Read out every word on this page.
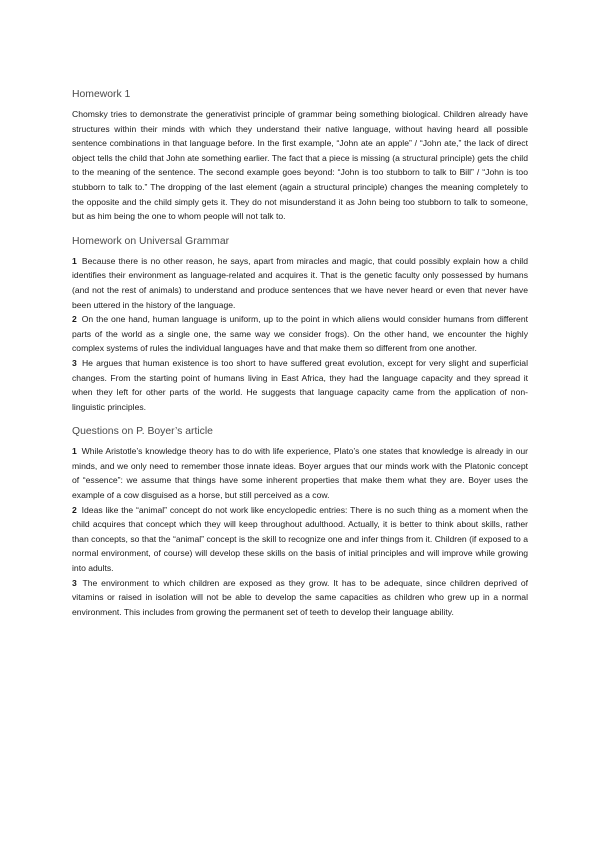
Homework 1

Chomsky tries to demonstrate the generativist principle of grammar being something biological. Children already have structures within their minds with which they understand their native language, without having heard all possible sentence combinations in that language before. In the first example, “John ate an apple” / “John ate,” the lack of direct object tells the child that John ate something earlier. The fact that a piece is missing (a structural principle) gets the child to the meaning of the sentence. The second example goes beyond: “John is too stubborn to talk to Bill” / “John is too stubborn to talk to.” The dropping of the last element (again a structural principle) changes the meaning completely to the opposite and the child simply gets it. They do not misunderstand it as John being too stubborn to talk to someone, but as him being the one to whom people will not talk to.

Homework on Universal Grammar

1 Because there is no other reason, he says, apart from miracles and magic, that could possibly explain how a child identifies their environment as language-related and acquires it. That is the genetic faculty only possessed by humans (and not the rest of animals) to understand and produce sentences that we have never heard or even that never have been uttered in the history of the language.

2 On the one hand, human language is uniform, up to the point in which aliens would consider humans from different parts of the world as a single one, the same way we consider frogs). On the other hand, we encounter the highly complex systems of rules the individual languages have and that make them so different from one another.

3 He argues that human existence is too short to have suffered great evolution, except for very slight and superficial changes. From the starting point of humans living in East Africa, they had the language capacity and they spread it when they left for other parts of the world. He suggests that language capacity came from the application of non-linguistic principles.

Questions on P. Boyer’s article

1 While Aristotle’s knowledge theory has to do with life experience, Plato’s one states that knowledge is already in our minds, and we only need to remember those innate ideas. Boyer argues that our minds work with the Platonic concept of “essence”: we assume that things have some inherent properties that make them what they are. Boyer uses the example of a cow disguised as a horse, but still perceived as a cow.

2 Ideas like the “animal” concept do not work like encyclopedic entries: There is no such thing as a moment when the child acquires that concept which they will keep throughout adulthood. Actually, it is better to think about skills, rather than concepts, so that the “animal” concept is the skill to recognize one and infer things from it. Children (if exposed to a normal environment, of course) will develop these skills on the basis of initial principles and will improve while growing into adults.

3 The environment to which children are exposed as they grow. It has to be adequate, since children deprived of vitamins or raised in isolation will not be able to develop the same capacities as children who grew up in a normal environment. This includes from growing the permanent set of teeth to develop their language ability.
